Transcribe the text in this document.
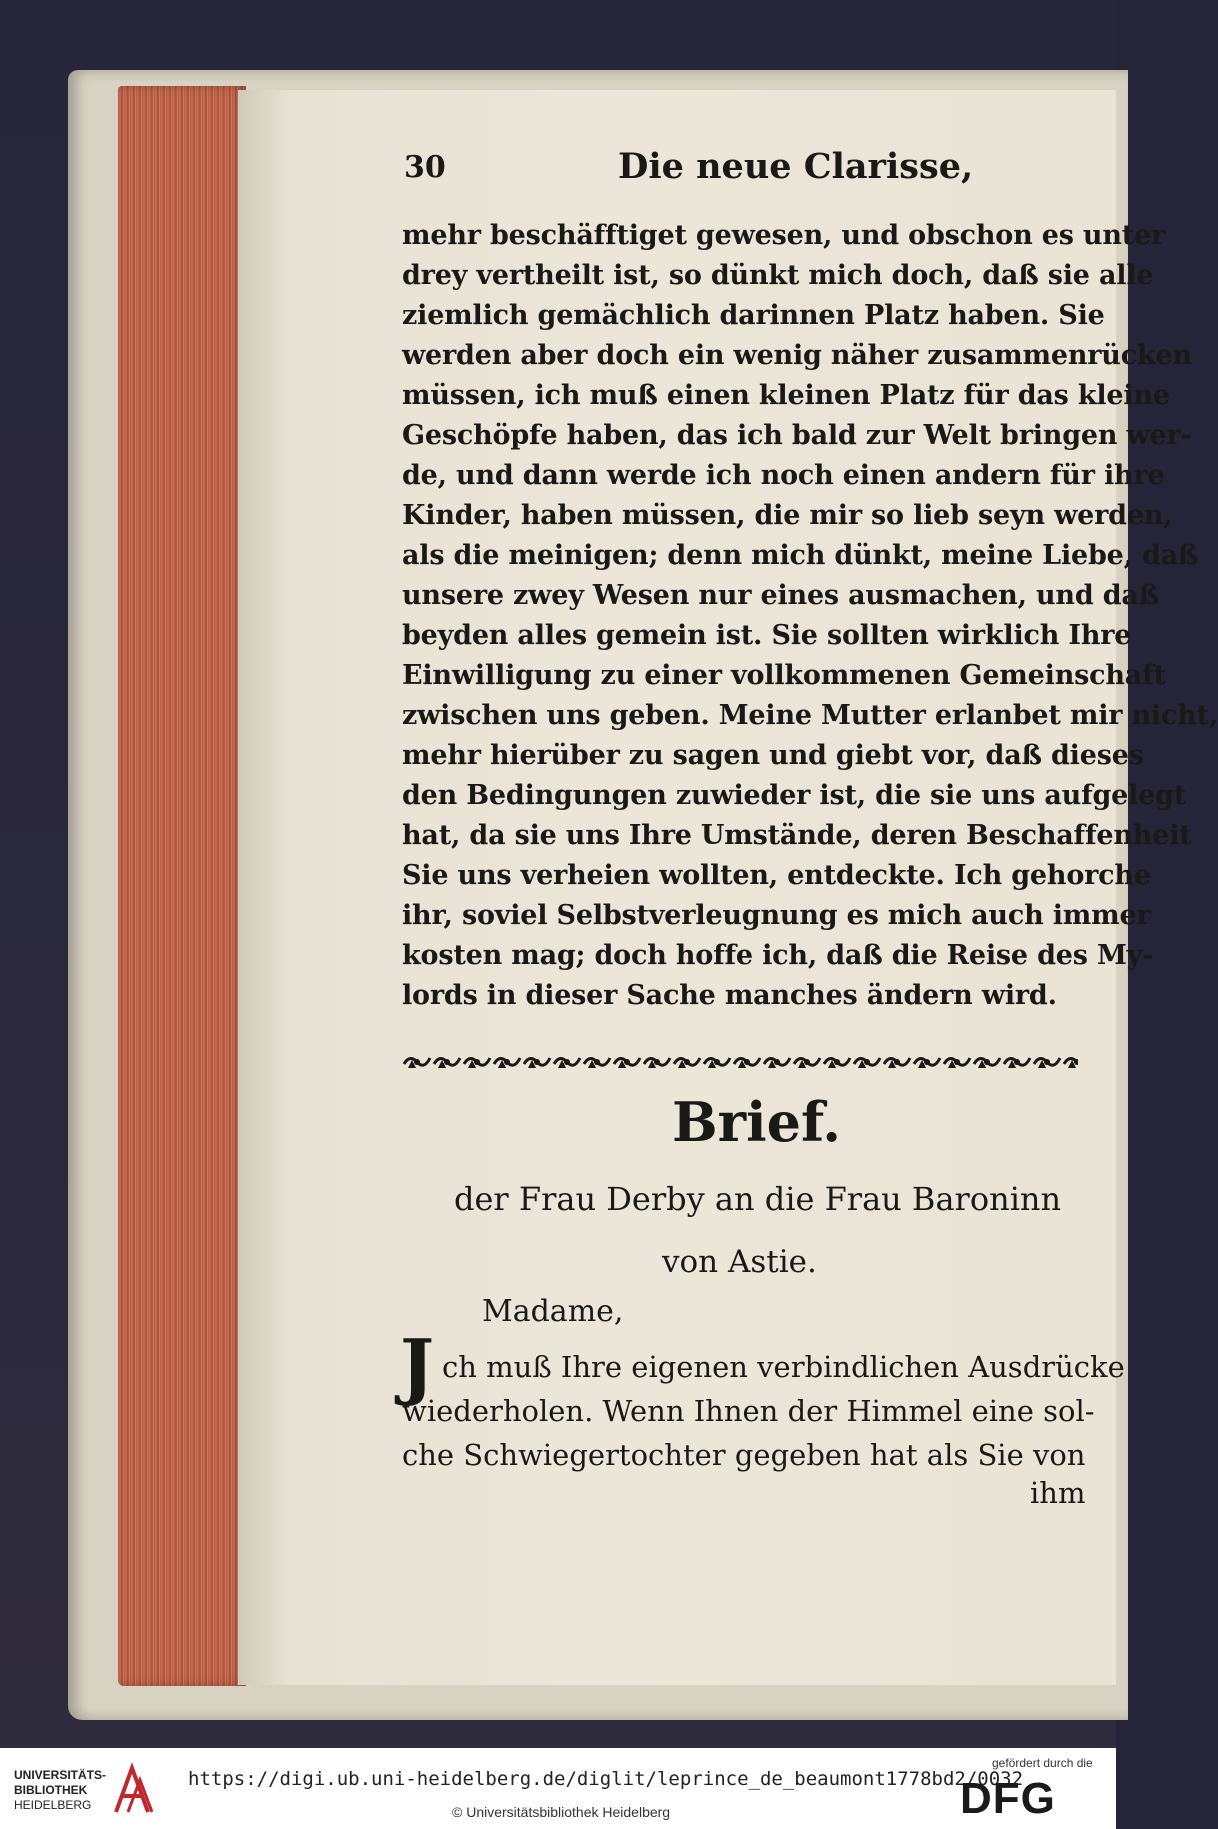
30	Die neue Clarisse,
mehr beschäfftiget gewesen, und obschon es unter
drey vertheilt ist, so dünkt mich doch, daß sie alle
ziemlich gemächlich darinnen Platz haben. Sie
werden aber doch ein wenig näher zusammenrücken
müssen, ich muß einen kleinen Platz für das kleine
Geschöpfe haben, das ich bald zur Welt bringen wer-
de, und dann werde ich noch einen andern für ihre
Kinder, haben müssen, die mir so lieb seyn werden,
als die meinigen; denn mich dünkt, meine Liebe, daß
unsere zwey Wesen nur eines ausmachen, und daß
beyden alles gemein ist. Sie sollten wirklich Ihre
Einwilligung zu einer vollkommenen Gemeinschaft
zwischen uns geben. Meine Mutter erlanbet mir nicht,
mehr hierüber zu sagen und giebt vor, daß dieses
den Bedingungen zuwieder ist, die sie uns aufgelegt
hat, da sie uns Ihre Umstände, deren Beschaffenheit
Sie uns verheien wollten, entdeckte. Ich gehorche
ihr, soviel Selbstverleugnung es mich auch immer
kosten mag; doch hoffe ich, daß die Reise des My-
lords in dieser Sache manches ändern wird.
Brief.
der Frau Derby an die Frau Baroninn
von Astie.
Madame,
J ch muß Ihre eigenen verbindlichen Ausdrücke
wiederholen. Wenn Ihnen der Himmel eine sol-
che Schwiegertochter gegeben hat als Sie von
ihm
UNIVERSITÄTS-
BIBLIOTHEK
HEIDELBERG
https://digi.ub.uni-heidelberg.de/diglit/leprince_de_beaumont1778bd2/0032
© Universitätsbibliothek Heidelberg
gefördert durch die
DFG
